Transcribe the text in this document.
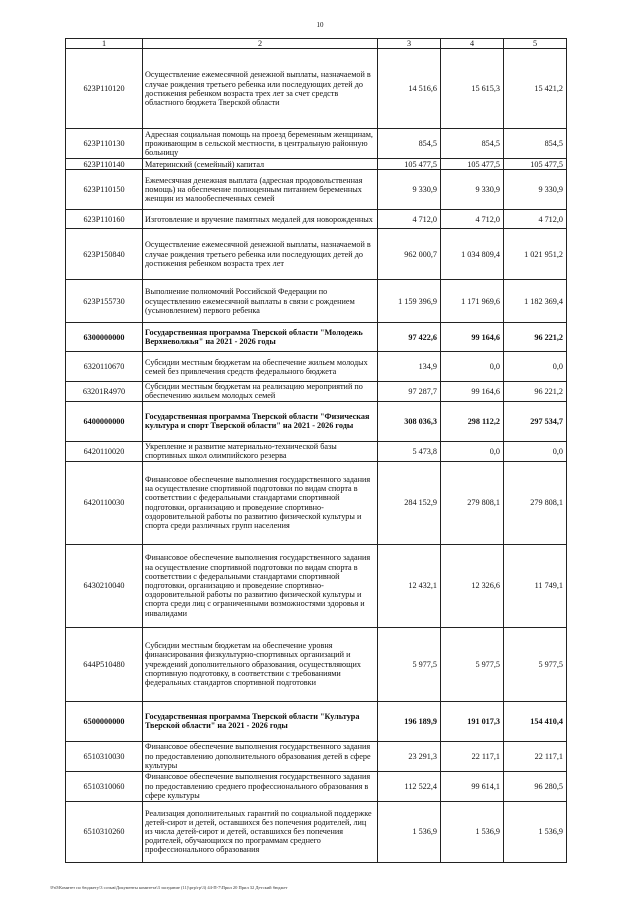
10
1	2	3	4	5
623P110120	Осуществление ежемесячной денежной выплаты, назначаемой в случае рождения третьего ребенка или последующих детей до достижения ребенком возраста трех лет за счет средств областного бюджета Тверской области	14 516,6	15 615,3	15 421,2
623P110130	Адресная социальная помощь на проезд беременным женщинам, проживающим в сельской местности, в центральную районную больницу	854,5	854,5	854,5
623P110140	Материнский (семейный) капитал	105 477,5	105 477,5	105 477,5
623P110150	Ежемесячная денежная выплата (адресная продовольственная помощь) на обеспечение полноценным питанием беременных женщин из малообеспеченных семей	9 330,9	9 330,9	9 330,9
623P110160	Изготовление и вручение памятных медалей для новорожденных	4 712,0	4 712,0	4 712,0
623P150840	Осуществление ежемесячной денежной выплаты, назначаемой в случае рождения третьего ребенка или последующих детей до достижения ребенком возраста трех лет	962 000,7	1 034 809,4	1 021 951,2
623P155730	Выполнение полномочий Российской Федерации по осуществлению ежемесячной выплаты в связи с рождением (усыновлением) первого ребенка	1 159 396,9	1 171 969,6	1 182 369,4
6300000000	Государственная программа Тверской области "Молодежь Верхневолжья" на 2021 - 2026 годы	97 422,6	99 164,6	96 221,2
6320110670	Субсидии местным бюджетам на обеспечение жильем молодых семей без привлечения средств федерального бюджета	134,9	0,0	0,0
63201R4970	Субсидии местным бюджетам на реализацию мероприятий по обеспечению жильем молодых семей	97 287,7	99 164,6	96 221,2
6400000000	Государственная программа Тверской области "Физическая культура и спорт Тверской области" на 2021 - 2026 годы	308 036,3	298 112,2	297 534,7
6420110020	Укрепление и развитие материально-технической базы спортивных школ олимпийского резерва	5 473,8	0,0	0,0
6420110030	Финансовое обеспечение выполнения государственного задания на осуществление спортивной подготовки по видам спорта в соответствии с федеральными стандартами спортивной подготовки, организацию и проведение спортивно-оздоровительной работы по развитию физической культуры и спорта среди различных групп населения	284 152,9	279 808,1	279 808,1
6430210040	Финансовое обеспечение выполнения государственного задания на осуществление спортивной подготовки по видам спорта в соответствии с федеральными стандартами спортивной подготовки, организацию и проведение спортивно-оздоровительной работы по развитию физической культуры и спорта среди лиц с ограниченными возможностями здоровья и инвалидами	12 432,1	12 326,6	11 749,1
644P510480	Субсидии местным бюджетам на обеспечение уровня финансирования физкультурно-спортивных организаций и учреждений дополнительного образования, осуществляющих спортивную подготовку, в соответствии с требованиями федеральных стандартов спортивной подготовки	5 977,5	5 977,5	5 977,5
6500000000	Государственная программа Тверской области "Культура Тверской области" на 2021 - 2026 годы	196 189,9	191 017,3	154 410,4
6510310030	Финансовое обеспечение выполнения государственного задания по предоставлению дополнительного образования детей в сфере культуры	23 291,3	22 117,1	22 117,1
6510310060	Финансовое обеспечение выполнения государственного задания по предоставлению среднего профессионального образования в сфере культуры	112 522,4	99 614,1	96 280,5
6510310260	Реализация дополнительных гарантий по социальной поддержке детей-сирот и детей, оставшихся без попечения родителей, лиц из числа детей-сирот и детей, оставшихся без попечения родителей, обучающихся по программам среднего профессионального образования	1 536,9	1 536,9	1 536,9
\Fs0\Комитет по бюджету\3 созыв\Документы комитета\3 заседание (11)\ргр\гр\3) 44-П-7\Прил 20 Прил 32 Детский бюджет
